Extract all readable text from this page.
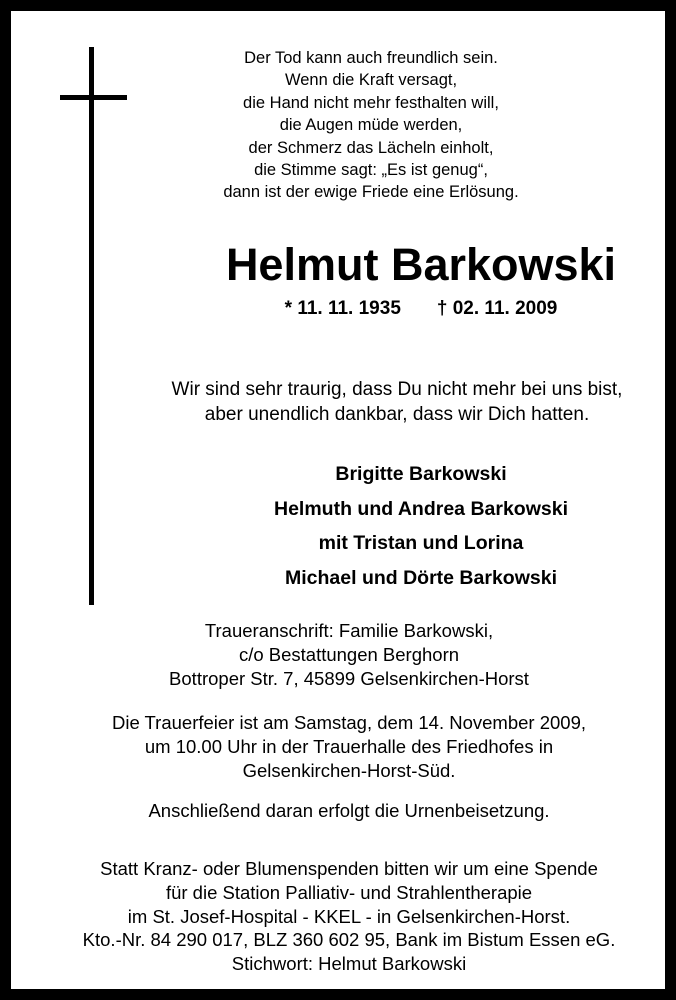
Der Tod kann auch freundlich sein.
Wenn die Kraft versagt,
die Hand nicht mehr festhalten will,
die Augen müde werden,
der Schmerz das Lächeln einholt,
die Stimme sagt: „Es ist genug“,
dann ist der ewige Friede eine Erlösung.
Helmut Barkowski
* 11. 11. 1935 † 02. 11. 2009
Wir sind sehr traurig, dass Du nicht mehr bei uns bist,
aber unendlich dankbar, dass wir Dich hatten.
Brigitte Barkowski
Helmuth und Andrea Barkowski
mit Tristan und Lorina
Michael und Dörte Barkowski
Traueranschrift: Familie Barkowski,
c/o Bestattungen Berghorn
Bottroper Str. 7, 45899 Gelsenkirchen-Horst
Die Trauerfeier ist am Samstag, dem 14. November 2009,
um 10.00 Uhr in der Trauerhalle des Friedhofes in
Gelsenkirchen-Horst-Süd.
Anschließend daran erfolgt die Urnenbeisetzung.
Statt Kranz- oder Blumenspenden bitten wir um eine Spende
für die Station Palliativ- und Strahlentherapie
im St. Josef-Hospital - KKEL - in Gelsenkirchen-Horst.
Kto.-Nr. 84 290 017, BLZ 360 602 95, Bank im Bistum Essen eG.
Stichwort: Helmut Barkowski
